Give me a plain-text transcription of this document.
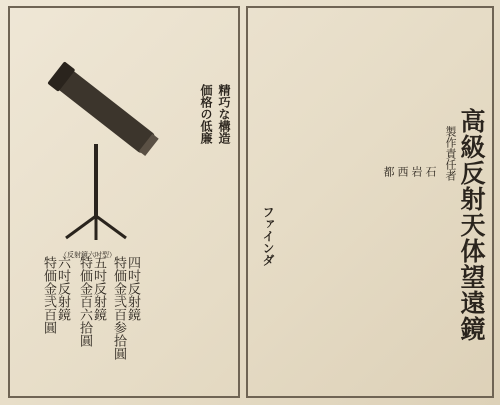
高級反射天体望遠鏡
製作責任者
石
岩
西
都
精巧な構造
価格の低廉
ファインダ
四吋反射鏡
特価金弐百参拾圓
五吋反射鏡
特価金百六拾圓
六吋反射鏡
特価金弐百圓
（反射鏡六吋型）
